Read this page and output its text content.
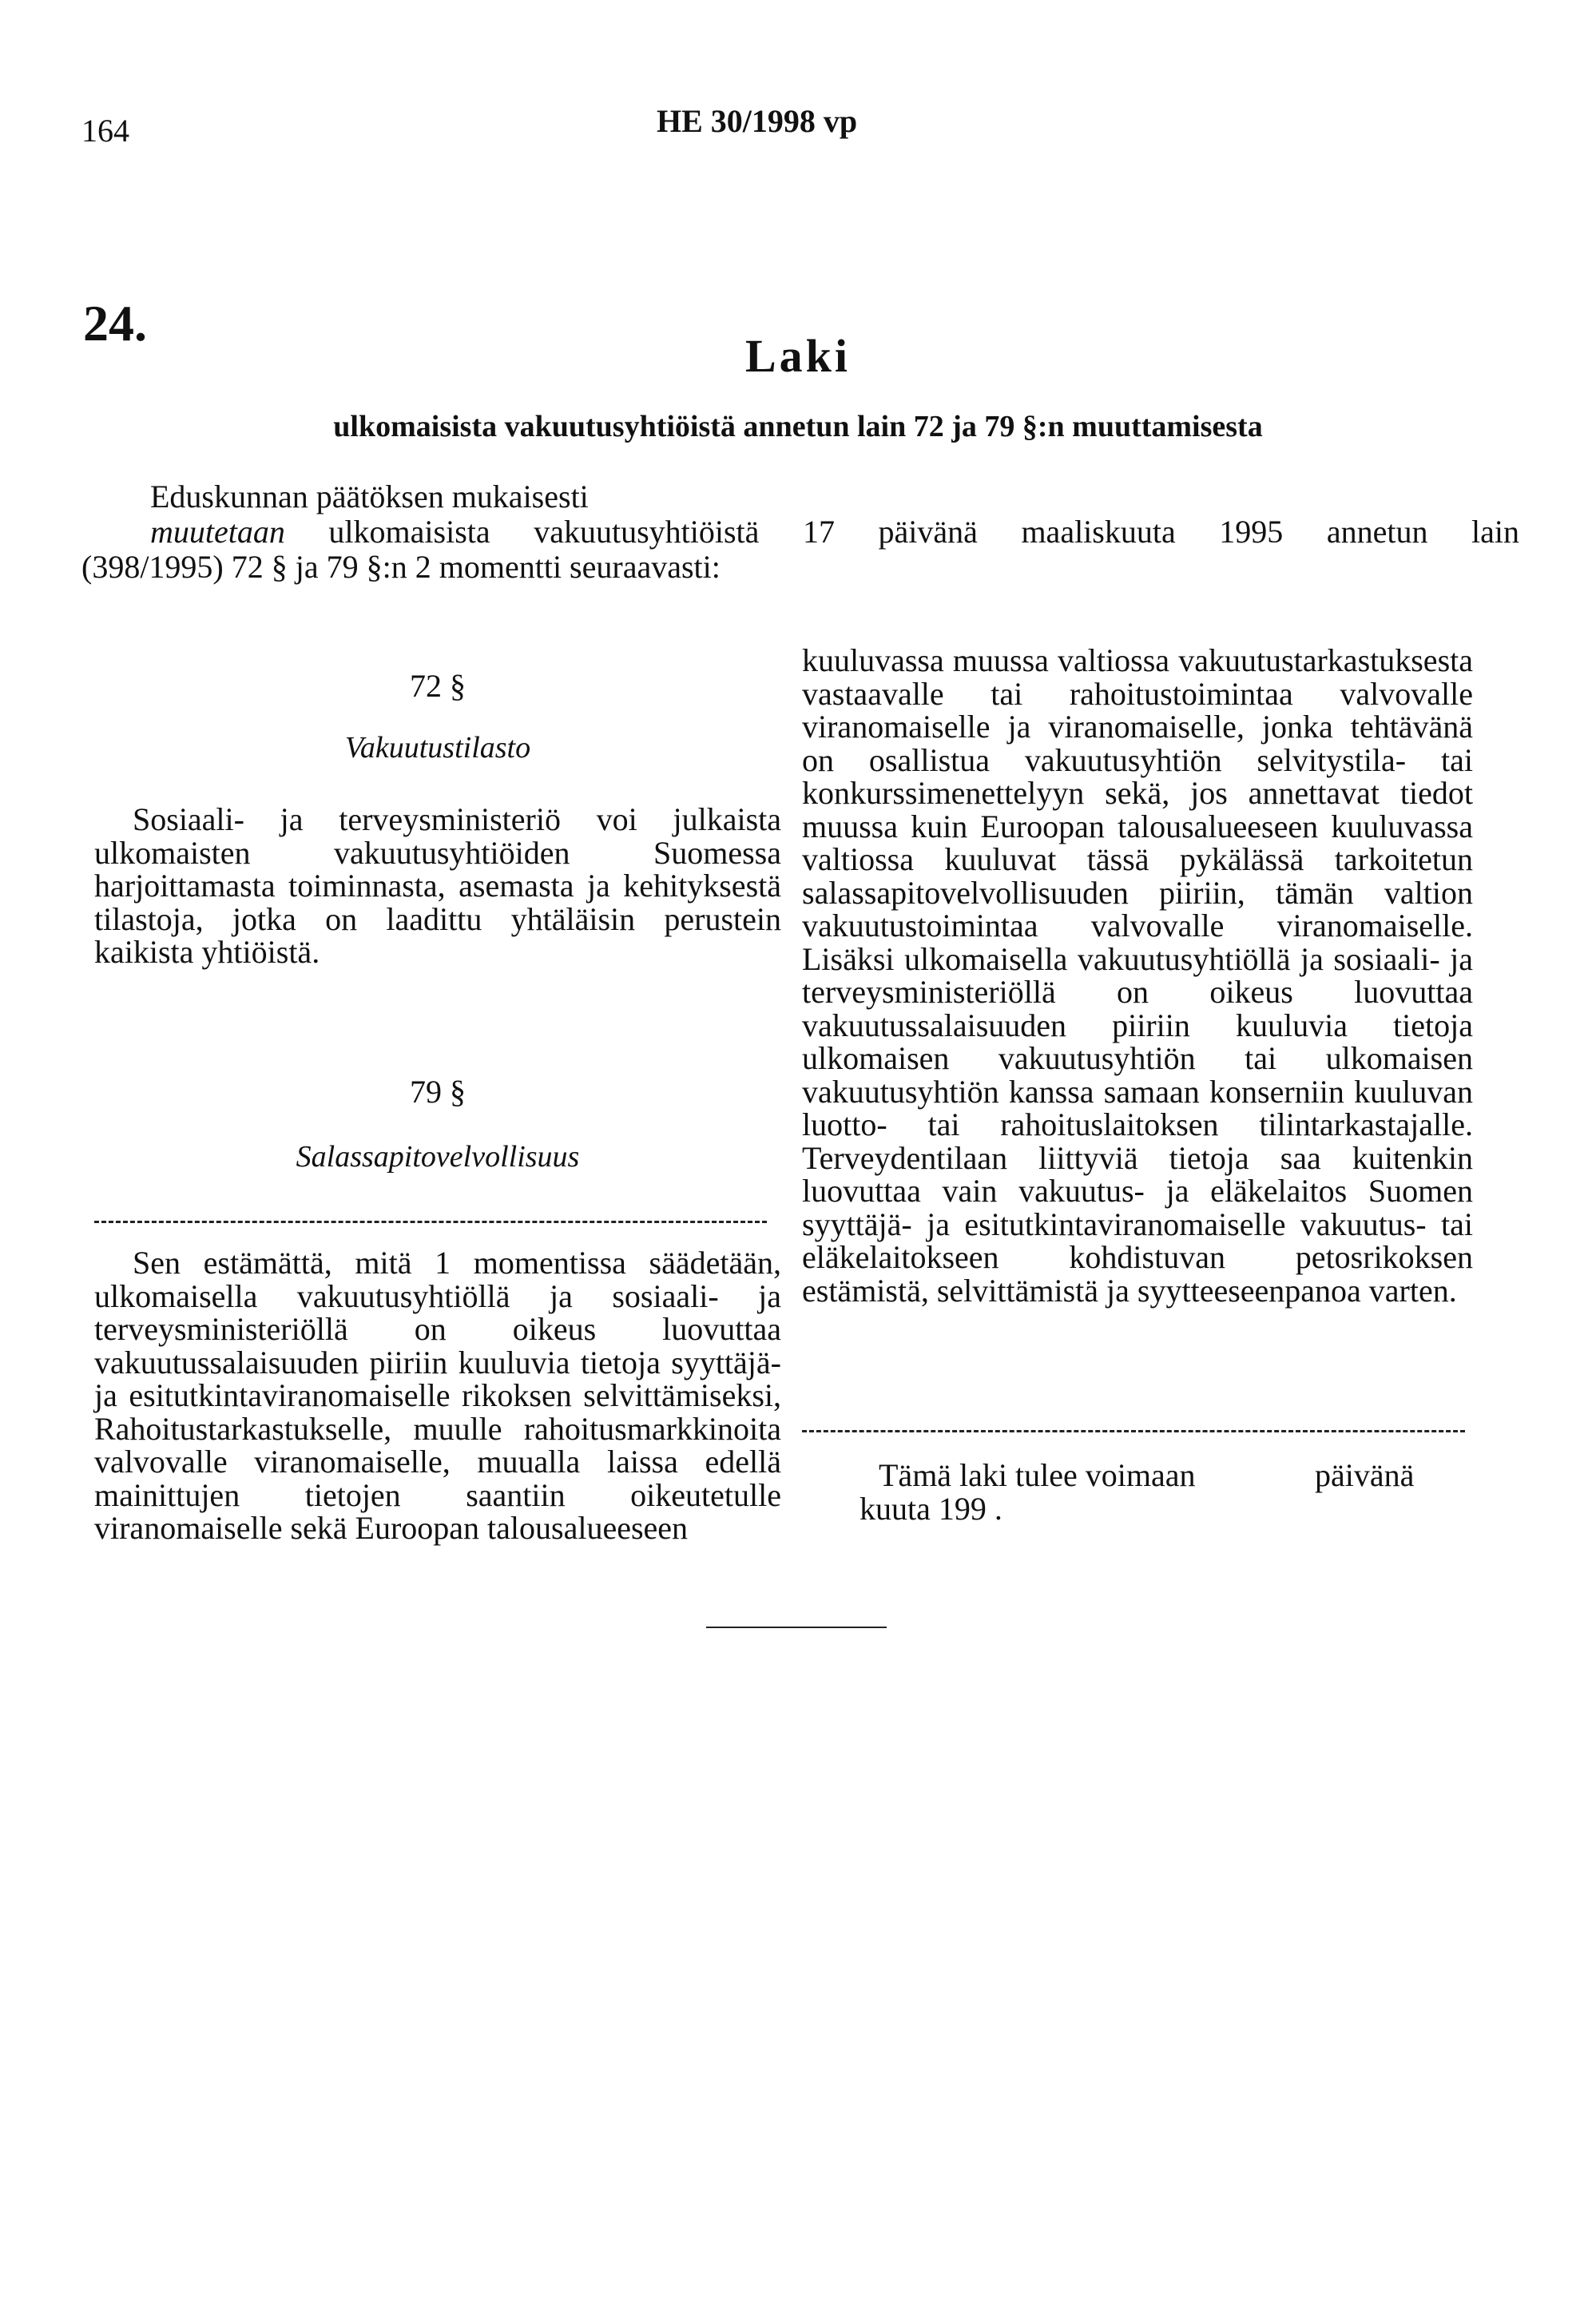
164	HE 30/1998 vp
24.
Laki
ulkomaisista vakuutusyhtiöistä annetun lain 72 ja 79 §:n muuttamisesta

Eduskunnan päätöksen mukaisesti

muutetaan ulkomaisista vakuutusyhtiöistä 17 päivänä maaliskuuta 1995 annetun lain

(398/1995) 72 § ja 79 §:n 2 momentti seuraavasti:

72 §
Vakuutustilasto

Sosiaali- ja terveysministeriö voi julkaista ulkomaisten vakuutusyhtiöiden Suomessa harjoittamasta toiminnasta, asemasta ja kehityksestä tilastoja, jotka on laadittu yhtäläisin perustein kaikista yhtiöistä.

79 §
Salassapitovelvollisuus

Sen estämättä, mitä 1 momentissa säädetään, ulkomaisella vakuutusyhtiöllä ja sosiaali- ja terveysministeriöllä on oikeus luovuttaa vakuutussalaisuuden piiriin kuuluvia tietoja syyttäjä- ja esitutkintaviranomaiselle rikoksen selvittämiseksi, Rahoitustarkastukselle, muulle rahoitusmarkkinoita valvovalle viranomaiselle, muualla laissa edellä mainittujen tietojen saantiin oikeutetulle viranomaiselle sekä Euroopan talousalueeseen

kuuluvassa muussa valtiossa vakuutustarkastuksesta vastaavalle tai rahoitustoimintaa valvovalle viranomaiselle ja viranomaiselle, jonka tehtävänä on osallistua vakuutusyhtiön selvitystila- tai konkurssimenettelyyn sekä, jos annettavat tiedot muussa kuin Euroopan talousalueeseen kuuluvassa valtiossa kuuluvat tässä pykälässä tarkoitetun salassapitovelvollisuuden piiriin, tämän valtion vakuutustoimintaa valvovalle viranomaiselle. Lisäksi ulkomaisella vakuutusyhtiöllä ja sosiaali- ja terveysministeriöllä on oikeus luovuttaa vakuutussalaisuuden piiriin kuuluvia tietoja ulkomaisen vakuutusyhtiön tai ulkomaisen vakuutusyhtiön kanssa samaan konserniin kuuluvan luotto- tai rahoituslaitoksen tilintarkastajalle. Terveydentilaan liittyviä tietoja saa kuitenkin luovuttaa vain vakuutus- ja eläkelaitos Suomen syyttäjä- ja esitutkintaviranomaiselle vakuutus- tai eläkelaitokseen kohdistuvan petosrikoksen estämistä, selvittämistä ja syytteeseenpanoa varten.

Tämä laki tulee voimaan	päivänä
kuuta 199 .
